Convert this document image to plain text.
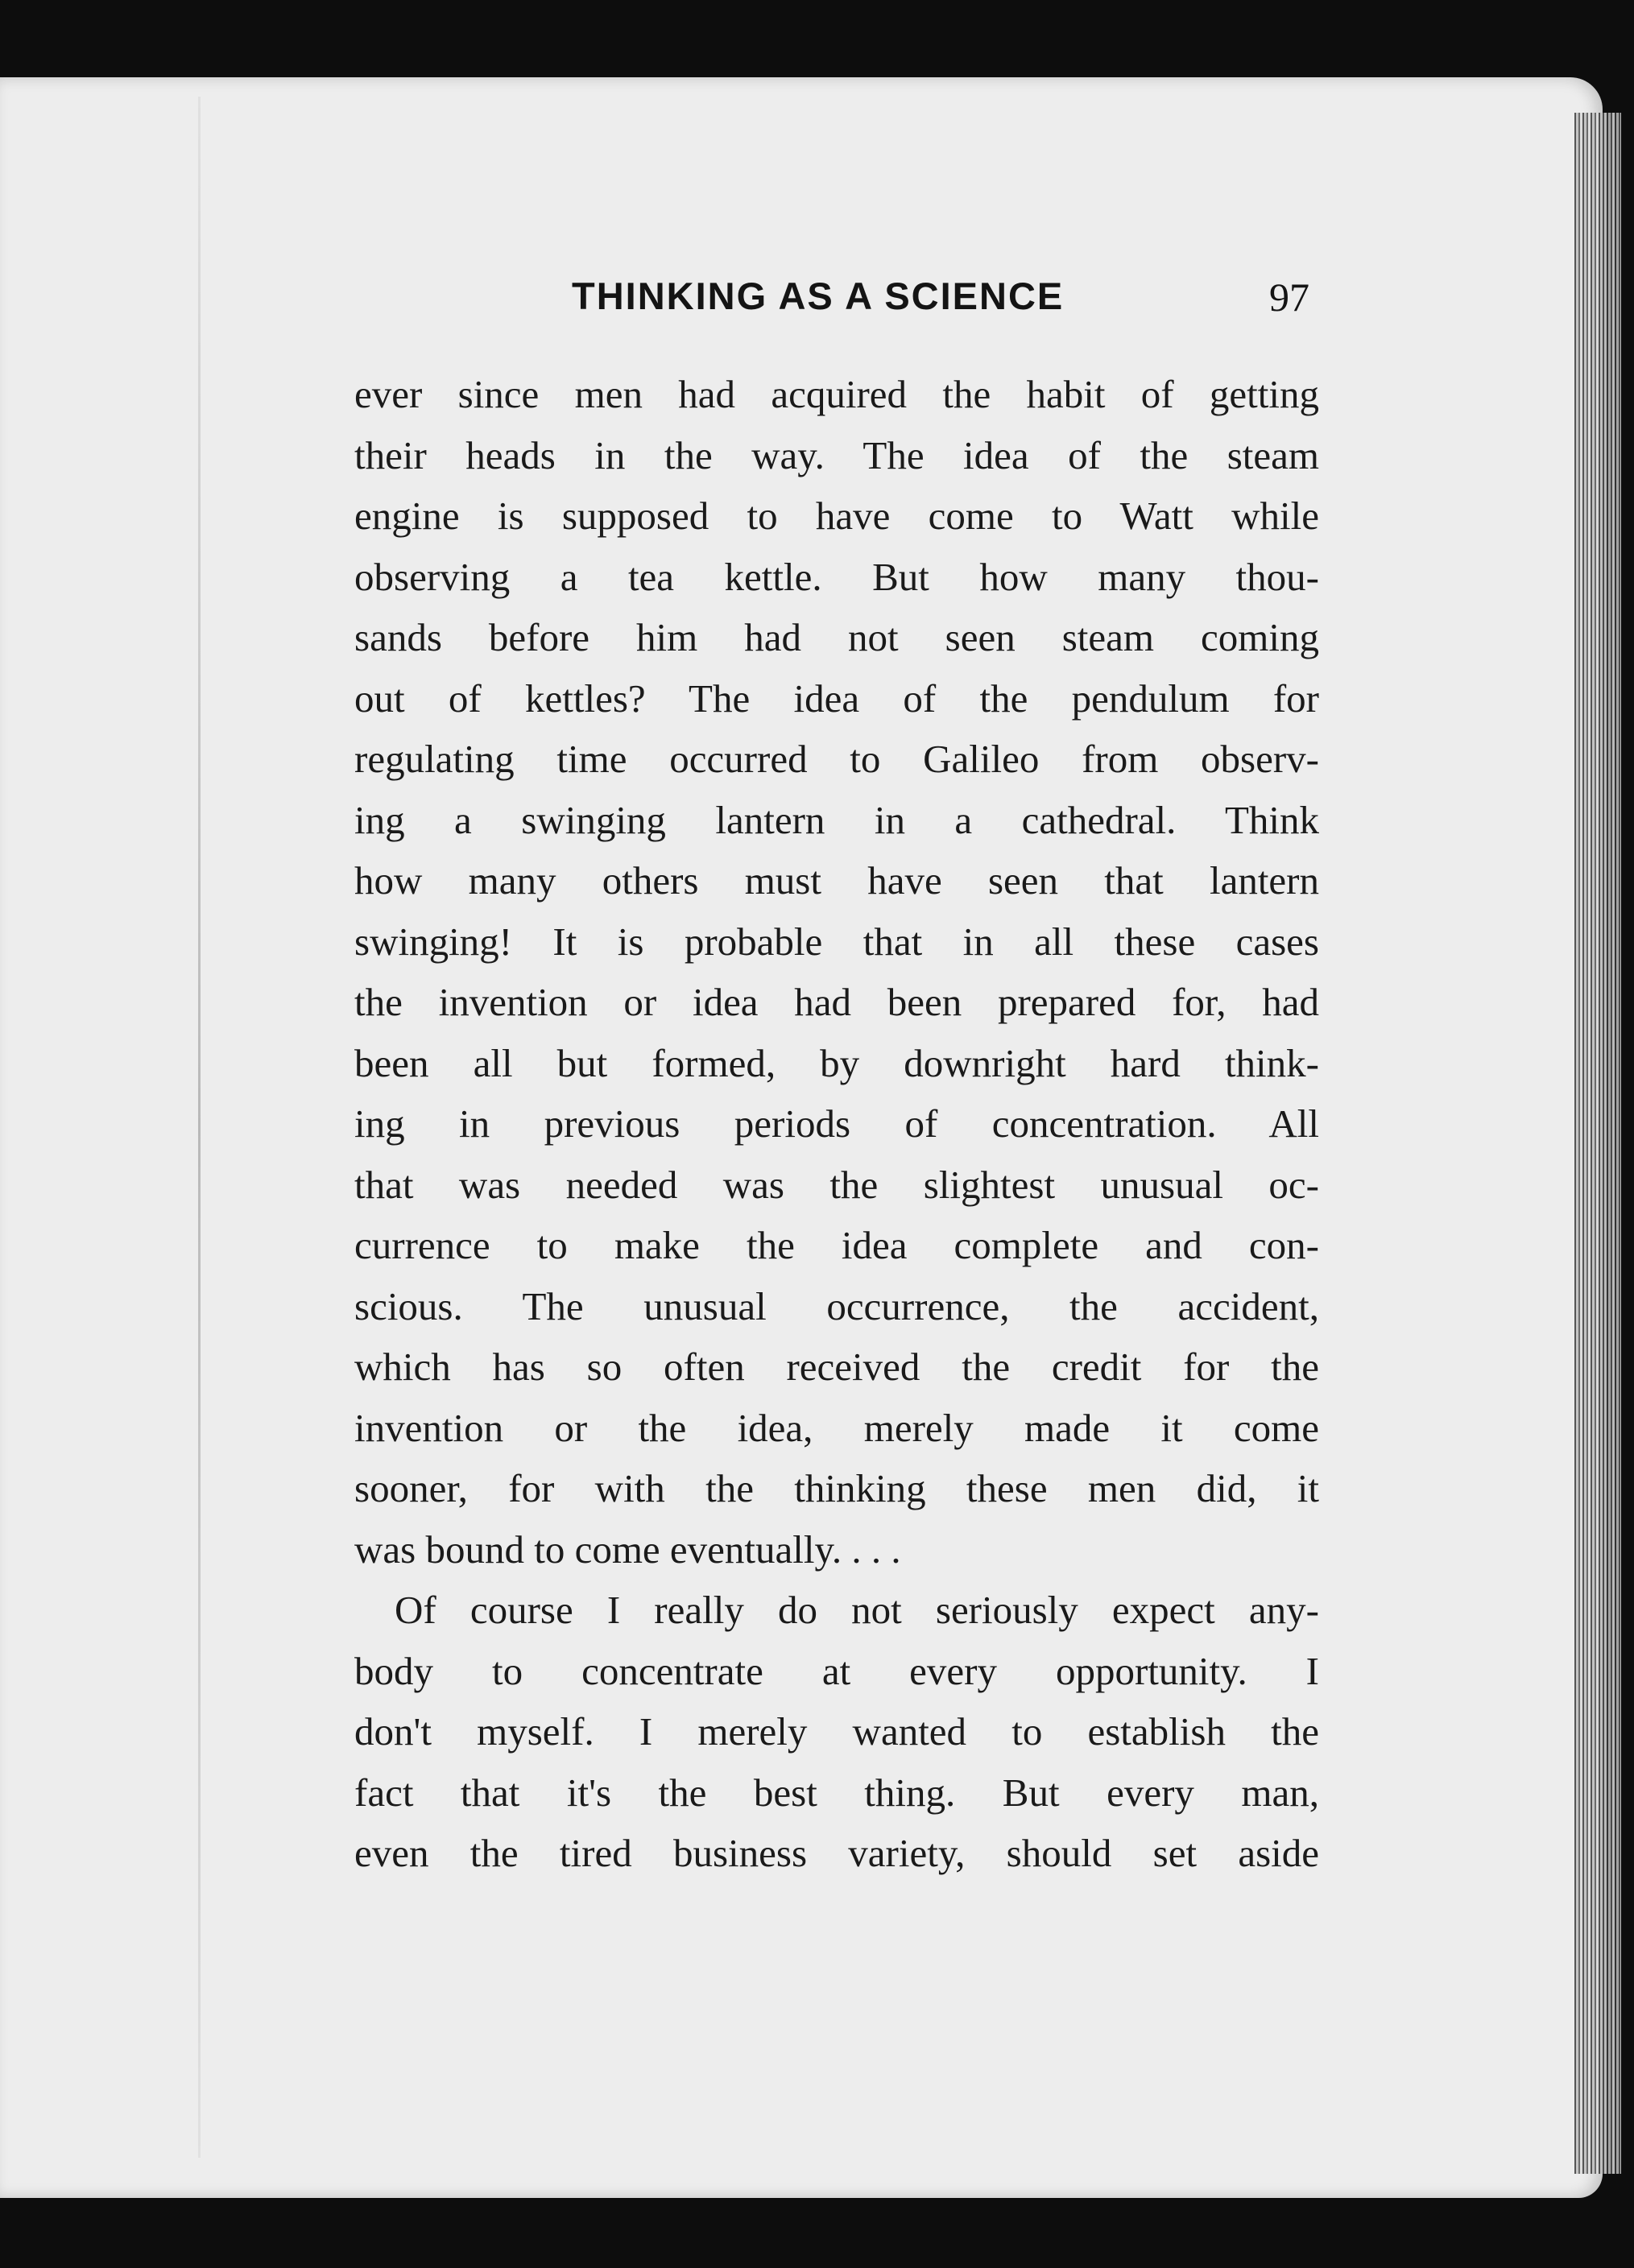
THINKING AS A SCIENCE	97
ever since men had acquired the habit of getting
their heads in the way. The idea of the steam
engine is supposed to have come to Watt while
observing a tea kettle. But how many thou-
sands before him had not seen steam coming
out of kettles? The idea of the pendulum for
regulating time occurred to Galileo from observ-
ing a swinging lantern in a cathedral. Think
how many others must have seen that lantern
swinging! It is probable that in all these cases
the invention or idea had been prepared for, had
been all but formed, by downright hard think-
ing in previous periods of concentration. All
that was needed was the slightest unusual oc-
currence to make the idea complete and con-
scious. The unusual occurrence, the accident,
which has so often received the credit for the
invention or the idea, merely made it come
sooner, for with the thinking these men did, it
was bound to come eventually. . . .
Of course I really do not seriously expect any-
body to concentrate at every opportunity. I
don't myself. I merely wanted to establish the
fact that it's the best thing. But every man,
even the tired business variety, should set aside
